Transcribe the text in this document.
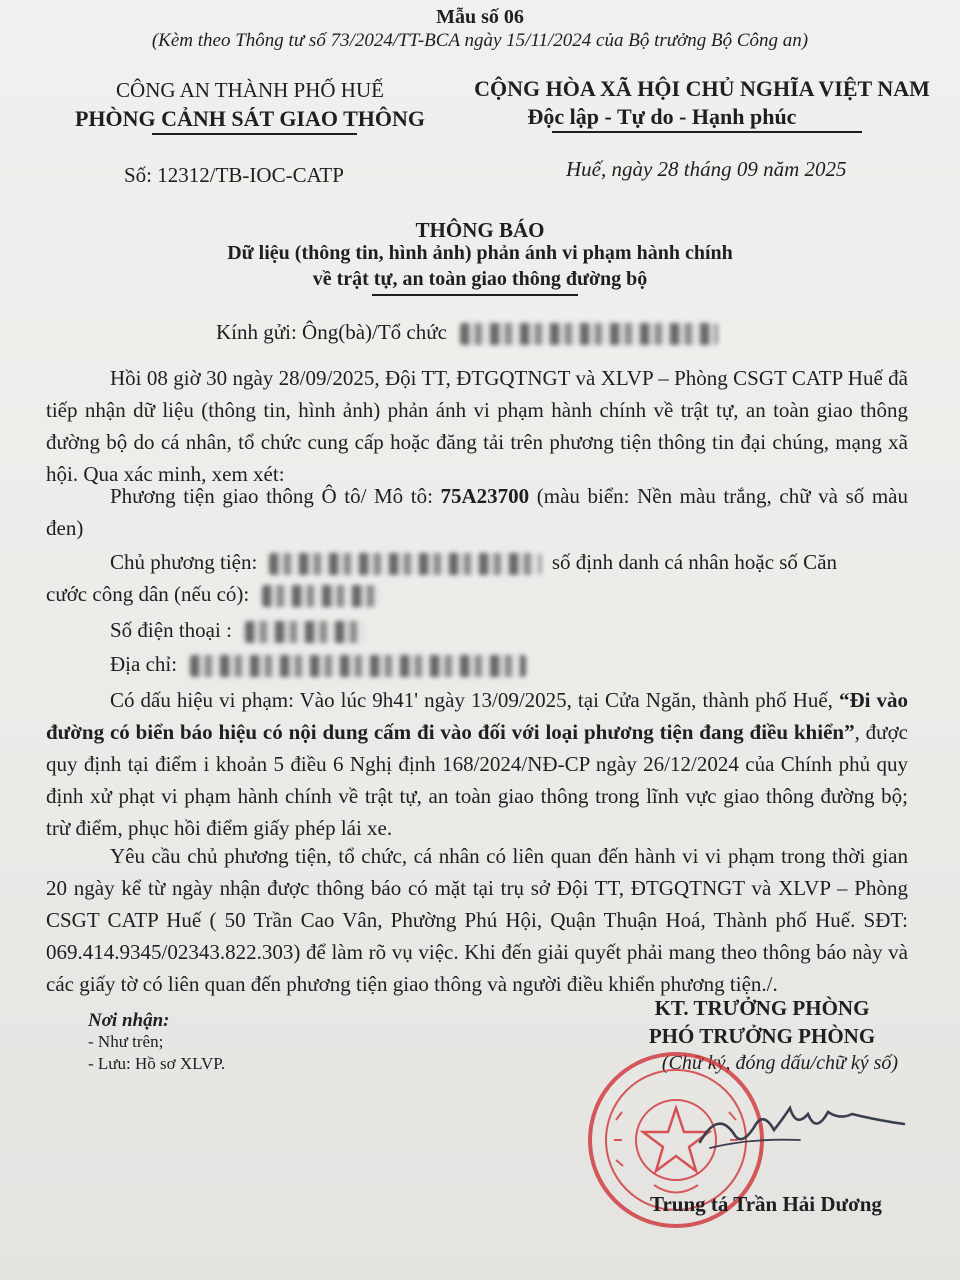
Mẫu số 06
(Kèm theo Thông tư số 73/2024/TT-BCA ngày 15/11/2024 của Bộ trưởng Bộ Công an)
CÔNG AN THÀNH PHỐ HUẾ
PHÒNG CẢNH SÁT GIAO THÔNG
CỘNG HÒA XÃ HỘI CHỦ NGHĨA VIỆT NAM
Độc lập - Tự do - Hạnh phúc
Số: 12312/TB-IOC-CATP	Huế, ngày 28 tháng 09 năm 2025
THÔNG BÁO
Dữ liệu (thông tin, hình ảnh) phản ánh vi phạm hành chính
về trật tự, an toàn giao thông đường bộ
Kính gửi: Ông(bà)/Tổ chức
Hồi 08 giờ 30 ngày 28/09/2025, Đội TT, ĐTGQTNGT và XLVP – Phòng CSGT CATP Huế đã tiếp nhận dữ liệu (thông tin, hình ảnh) phản ánh vi phạm hành chính về trật tự, an toàn giao thông đường bộ do cá nhân, tổ chức cung cấp hoặc đăng tải trên phương tiện thông tin đại chúng, mạng xã hội. Qua xác minh, xem xét:
Phương tiện giao thông Ô tô/ Mô tô: 75A23700 (màu biển: Nền màu trắng, chữ và số màu đen)
Chủ phương tiện:	số định danh cá nhân hoặc số Căn
cước công dân (nếu có):
Số điện thoại :
Địa chỉ:
Có dấu hiệu vi phạm: Vào lúc 9h41' ngày 13/09/2025, tại Cửa Ngăn, thành phố Huế, “Đi vào đường có biển báo hiệu có nội dung cấm đi vào đối với loại phương tiện đang điều khiển”, được quy định tại điểm i khoản 5 điều 6 Nghị định 168/2024/NĐ-CP ngày 26/12/2024 của Chính phủ quy định xử phạt vi phạm hành chính về trật tự, an toàn giao thông trong lĩnh vực giao thông đường bộ; trừ điểm, phục hồi điểm giấy phép lái xe.
Yêu cầu chủ phương tiện, tổ chức, cá nhân có liên quan đến hành vi vi phạm trong thời gian 20 ngày kể từ ngày nhận được thông báo có mặt tại trụ sở Đội TT, ĐTGQTNGT và XLVP – Phòng CSGT CATP Huế ( 50 Trần Cao Vân, Phường Phú Hội, Quận Thuận Hoá, Thành phố Huế. SĐT: 069.414.9345/02343.822.303) để làm rõ vụ việc. Khi đến giải quyết phải mang theo thông báo này và các giấy tờ có liên quan đến phương tiện giao thông và người điều khiển phương tiện./.
Nơi nhận:
- Như trên;
- Lưu: Hồ sơ XLVP.
KT. TRƯỞNG PHÒNG
PHÓ TRƯỞNG PHÒNG
(Chữ ký, đóng dấu/chữ ký số)
Trung tá Trần Hải Dương
